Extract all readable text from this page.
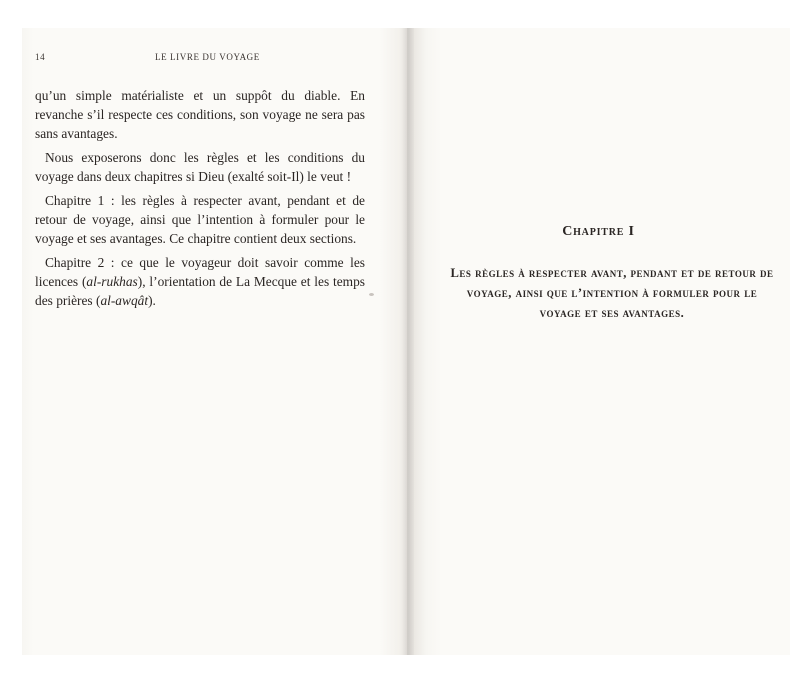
14	LE LIVRE DU VOYAGE

qu’un simple matérialiste et un suppôt du diable. En revanche s’il respecte ces conditions, son voyage ne sera pas sans avantages.

Nous exposerons donc les règles et les conditions du voyage dans deux chapitres si Dieu (exalté soit-Il) le veut !

Chapitre 1 : les règles à respecter avant, pendant et de retour de voyage, ainsi que l’intention à formuler pour le voyage et ses avantages. Ce chapitre contient deux sections.

Chapitre 2 : ce que le voyageur doit savoir comme les licences (al-rukhas), l’orientation de La Mecque et les temps des prières (al-awqât).

Chapitre I
Les règles à respecter avant, pendant et de retour de voyage, ainsi que l’intention à formuler pour le voyage et ses avantages.
